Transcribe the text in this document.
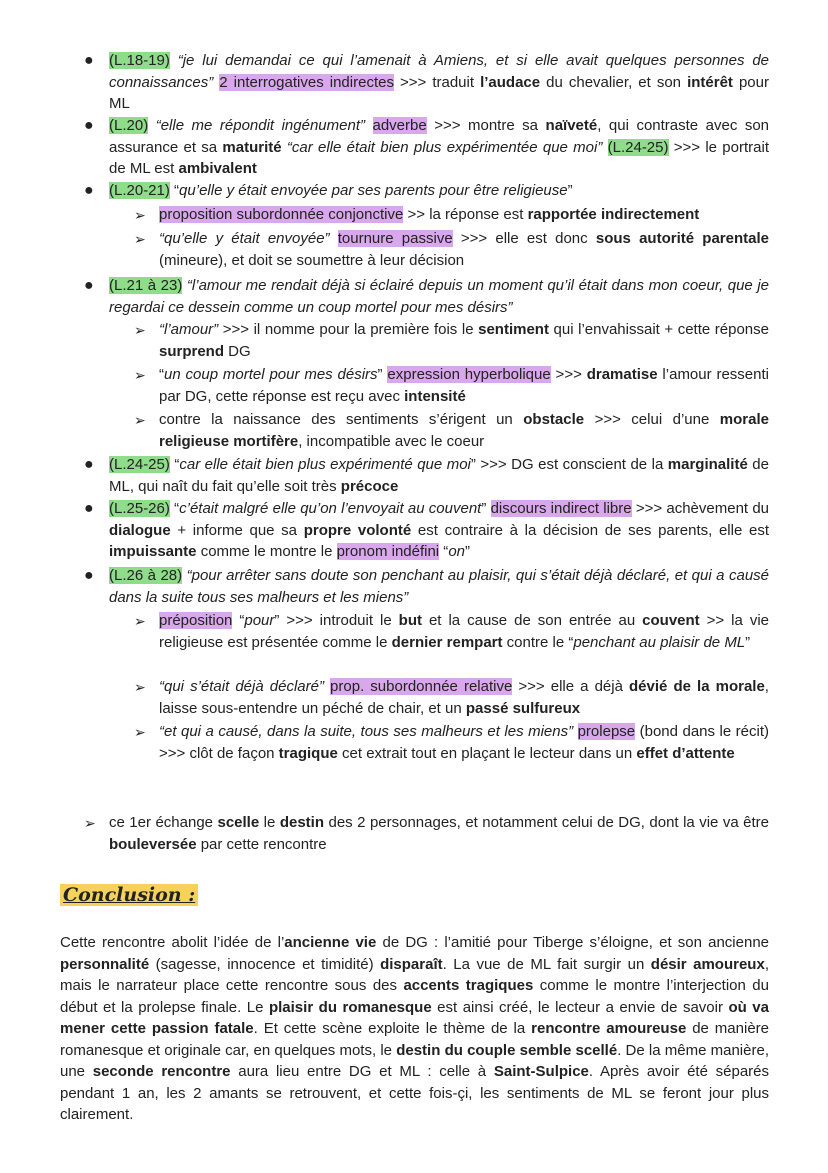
● (L.18-19) “je lui demandai ce qui l’amenait à Amiens, et si elle avait quelques personnes de connaissances” 2 interrogatives indirectes >>> traduit l’audace du chevalier, et son intérêt pour ML
● (L.20) “elle me répondit ingénument” adverbe >>> montre sa naïveté, qui contraste avec son assurance et sa maturité “car elle était bien plus expérimentée que moi” (L.24-25) >>> le portrait de ML est ambivalent
● (L.20-21) “qu’elle y était envoyée par ses parents pour être religieuse”
➢ proposition subordonnée conjonctive >> la réponse est rapportée indirectement
➢ “qu’elle y était envoyée” tournure passive >>> elle est donc sous autorité parentale (mineure), et doit se soumettre à leur décision
● (L.21 à 23) “l’amour me rendait déjà si éclairé depuis un moment qu’il était dans mon coeur, que je regardai ce dessein comme un coup mortel pour mes désirs”
➢ “l’amour” >>> il nomme pour la première fois le sentiment qui l’envahissait + cette réponse surprend DG
➢ “un coup mortel pour mes désirs” expression hyperbolique >>> dramatise l’amour ressenti par DG, cette réponse est reçu avec intensité
➢ contre la naissance des sentiments s’érigent un obstacle >>> celui d’une morale religieuse mortifère, incompatible avec le coeur
● (L.24-25) “car elle était bien plus expérimenté que moi” >>> DG est conscient de la marginalité de ML, qui naît du fait qu’elle soit très précoce
● (L.25-26) “c’était malgré elle qu’on l’envoyait au couvent” discours indirect libre >>> achèvement du dialogue + informe que sa propre volonté est contraire à la décision de ses parents, elle est impuissante comme le montre le pronom indéfini “on”
● (L.26 à 28) “pour arrêter sans doute son penchant au plaisir, qui s’était déjà déclaré, et qui a causé dans la suite tous ses malheurs et les miens”
➢ préposition “pour” >>> introduit le but et la cause de son entrée au couvent >> la vie religieuse est présentée comme le dernier rempart contre le “penchant au plaisir de ML”
➢ “qui s’était déjà déclaré” prop. subordonnée relative >>> elle a déjà dévié de la morale, laisse sous-entendre un péché de chair, et un passé sulfureux
➢ “et qui a causé, dans la suite, tous ses malheurs et les miens” prolepse (bond dans le récit) >>> clôt de façon tragique cet extrait tout en plaçant le lecteur dans un effet d’attente
➢ ce 1er échange scelle le destin des 2 personnages, et notamment celui de DG, dont la vie va être bouleversée par cette rencontre
Conclusion :
Cette rencontre abolit l’idée de l’ancienne vie de DG : l’amitié pour Tiberge s’éloigne, et son ancienne personnalité (sagesse, innocence et timidité) disparaît. La vue de ML fait surgir un désir amoureux, mais le narrateur place cette rencontre sous des accents tragiques comme le montre l’interjection du début et la prolepse finale. Le plaisir du romanesque est ainsi créé, le lecteur a envie de savoir où va mener cette passion fatale. Et cette scène exploite le thème de la rencontre amoureuse de manière romanesque et originale car, en quelques mots, le destin du couple semble scellé. De la même manière, une seconde rencontre aura lieu entre DG et ML : celle à Saint-Sulpice. Après avoir été séparés pendant 1 an, les 2 amants se retrouvent, et cette fois-çi, les sentiments de ML se feront jour plus clairement.
